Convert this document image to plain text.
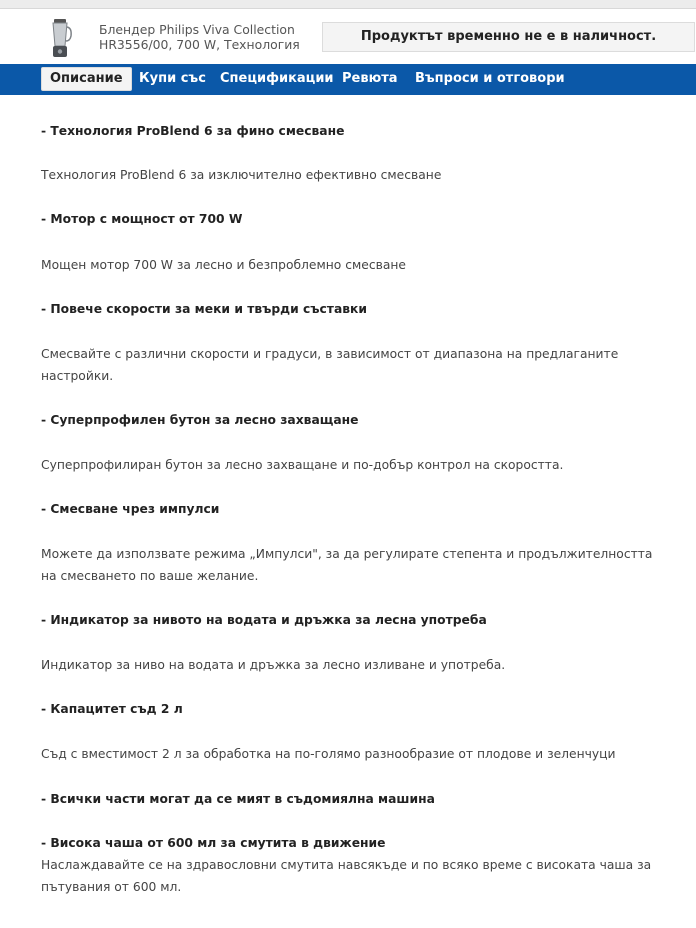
Блендер Philips Viva Collection HR3556/00, 700 W, Технология
Продуктът временно не е в наличност.
Описание	Купи със	Спецификации Ревюта	Въпроси и отговори
- Технология ProBlend 6 за фино смесване
Технология ProBlend 6 за изключително ефективно смесване
- Мотор с мощност от 700 W
Мощен мотор 700 W за лесно и безпроблемно смесване
- Повече скорости за меки и твърди съставки
Смесвайте с различни скорости и градуси, в зависимост от диапазона на предлаганите настройки.
- Суперпрофилен бутон за лесно захващане
Суперпрофилиран бутон за лесно захващане и по-добър контрол на скоростта.
- Смесване чрез импулси
Можете да използвате режима „Импулси", за да регулирате степента и продължителността на смесването по ваше желание.
- Индикатор за нивото на водата и дръжка за лесна употреба
Индикатор за ниво на водата и дръжка за лесно изливане и употреба.
- Капацитет съд 2 л
Съд с вместимост 2 л за обработка на по-голямо разнообразие от плодове и зеленчуци
- Всички части могат да се мият в съдомиялна машина
- Висока чаша от 600 мл за смутита в движение
Наслаждавайте се на здравословни смутита навсякъде и по всяко време с високата чаша за пътувания от 600 мл.
